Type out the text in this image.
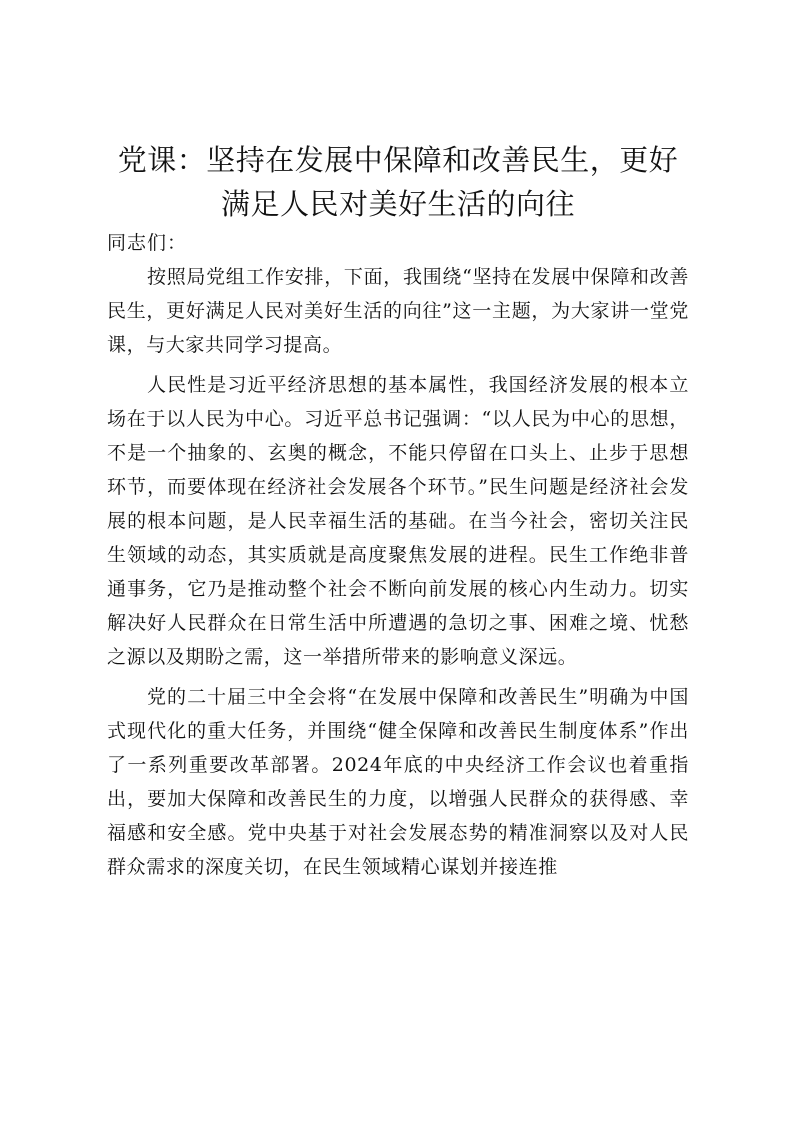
党课：坚持在发展中保障和改善民生，更好满足人民对美好生活的向往

同志们：

按照局党组工作安排，下面，我围绕“坚持在发展中保障和改善民生，更好满足人民对美好生活的向往”这一主题，为大家讲一堂党课，与大家共同学习提高。

人民性是习近平经济思想的基本属性，我国经济发展的根本立场在于以人民为中心。习近平总书记强调：“以人民为中心的思想，不是一个抽象的、玄奥的概念，不能只停留在口头上、止步于思想环节，而要体现在经济社会发展各个环节。”民生问题是经济社会发展的根本问题，是人民幸福生活的基础。在当今社会，密切关注民生领域的动态，其实质就是高度聚焦发展的进程。民生工作绝非普通事务，它乃是推动整个社会不断向前发展的核心内生动力。切实解决好人民群众在日常生活中所遭遇的急切之事、困难之境、忧愁之源以及期盼之需，这一举措所带来的影响意义深远。

党的二十届三中全会将“在发展中保障和改善民生”明确为中国式现代化的重大任务，并围绕“健全保障和改善民生制度体系”作出了一系列重要改革部署。2024年底的中央经济工作会议也着重指出，要加大保障和改善民生的力度，以增强人民群众的获得感、幸福感和安全感。党中央基于对社会发展态势的精准洞察以及对人民群众需求的深度关切，在民生领域精心谋划并接连推
